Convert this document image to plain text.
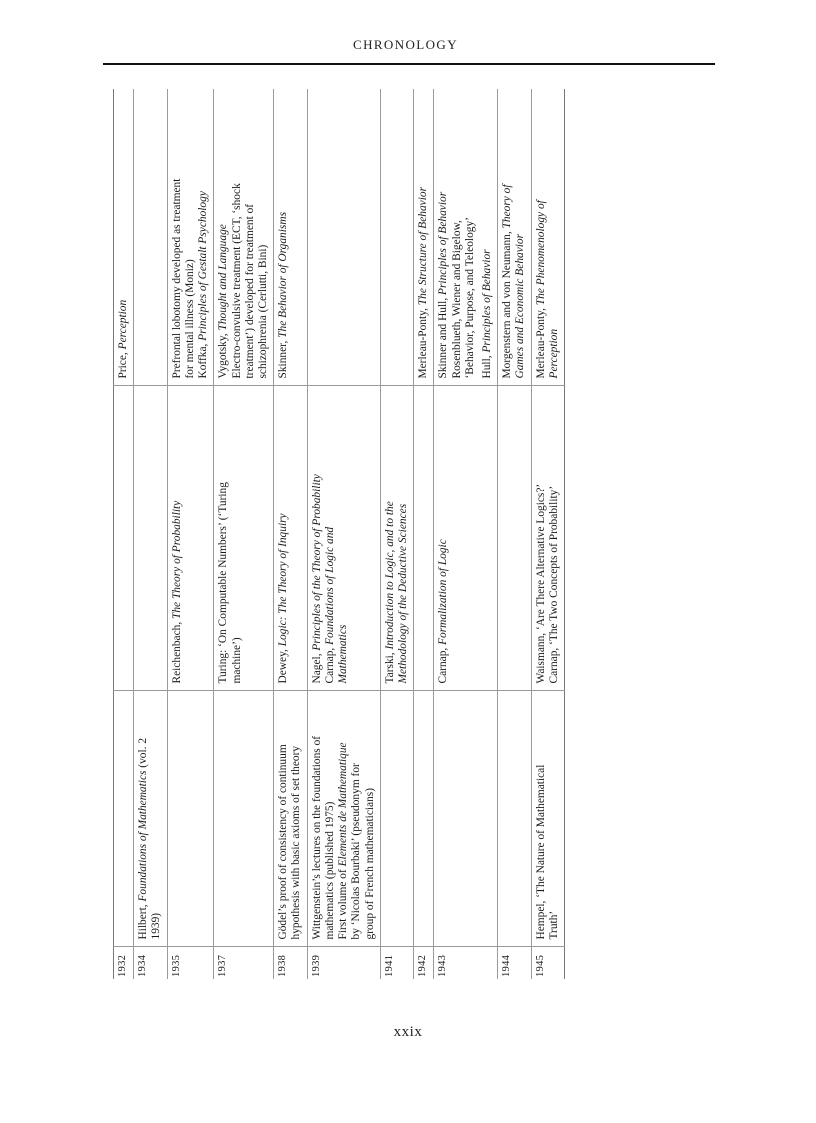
CHRONOLOGY
1932			Price, Perception

1934	Hilbert, Foundations of Mathematics (vol. 2
1939)		

1935		Reichenbach, The Theory of Probability	Prefrontal lobotomy developed as treatment for mental illness (Moniz) Koffka, Principles of Gestalt Psychology

1937		Turing: ‘On Computable Numbers’ (‘Turing machine’)	Vygotsky, Thought and Language Electro-convulsive treatment (ECT, ‘shock treatment’) developed for treatment of schizophrenia (Cerlutti, Bini)

1938	Gödel’s proof of consistency of continuum hypothesis with basic axioms of set theory	Dewey, Logic: The Theory of Inquiry	Skinner, The Behavior of Organisms

1939	Wittgenstein’s lectures on the foundations of mathematics (published 1975) First volume of Elements de Mathematique by ‘Nicolas Bourbaki’ (pseudonym for group of French mathematicians)	Nagel, Principles of the Theory of Probability
Carnap, Foundations of Logic and
Mathematics	

1941		Tarski, Introduction to Logic, and to the Methodology of the Deductive Sciences	

1942			Merleau-Ponty, The Structure of Behavior

1943		Carnap, Formalization of Logic	Skinner and Hull, Principles of Behavior Rosenblueth, Wiener and Bigelow, ‘Behavior, Purpose, and Teleology’ Hull, Principles of Behavior

1944			Morgenstern and von Neumann, Theory of
Games and Economic Behavior

1945	Hempel, ‘The Nature of Mathematical Truth’	Waismann, ‘Are There Alternative Logics?’ Carnap, ‘The Two Concepts of Probability’	Merleau-Ponty, The Phenomenology of
Perception
xxix
